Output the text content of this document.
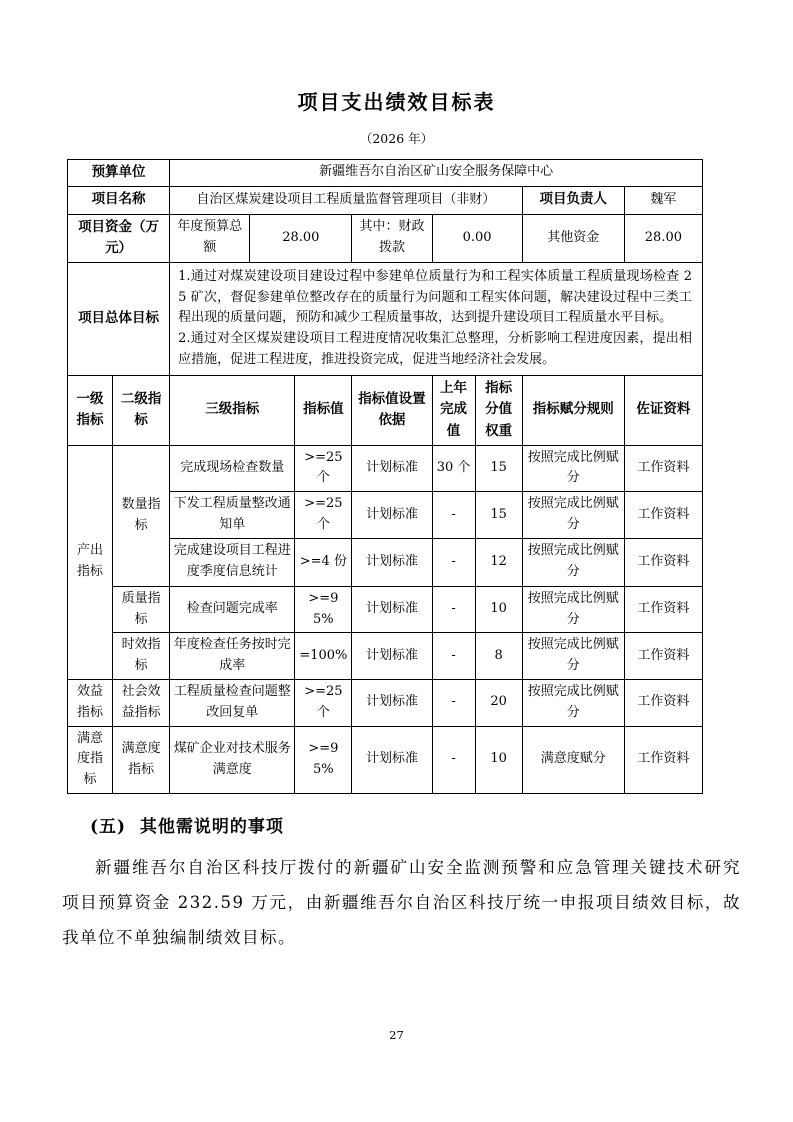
项目支出绩效目标表
（2026 年）
预算单位		新疆维吾尔自治区矿山安全服务保障中心							
项目名称		自治区煤炭建设项目工程质量监督管理项目（非财）						项目负责人	魏军
项目资金（万元）		年度预算总额	28.00		其中：财政拨款	0.00		其他资金	28.00
项目总体目标		1.通过对煤炭建设项目建设过程中参建单位质量行为和工程实体质量工程质量现场检查 25 矿次，督促参建单位整改存在的质量行为问题和工程实体问题，解决建设过程中三类工程出现的质量问题，预防和减少工程质量事故，达到提升建设项目工程质量水平目标。
2.通过对全区煤炭建设项目工程进度情况收集汇总整理，分析影响工程进度因素，提出相应措施，促进工程进度，推进投资完成，促进当地经济社会发展。							

一级指标	二级指标	三级指标		指标值	指标值设置依据	上年完成值	指标分值权重	指标赋分规则	佐证资料
产出指标	数量指标	完成现场检查数量		>=25 个	计划标准	30 个	15	按照完成比例赋分	工作资料
		下发工程质量整改通知单		>=25 个	计划标准	-	15	按照完成比例赋分	工作资料
		完成建设项目工程进度季度信息统计		>=4 份	计划标准	-	12	按照完成比例赋分	工作资料
	质量指标	检查问题完成率		>=95%	计划标准	-	10	按照完成比例赋分	工作资料
	时效指标	年度检查任务按时完成率		=100%	计划标准	-	8	按照完成比例赋分	工作资料
效益指标	社会效益指标	工程质量检查问题整改回复单		>=25 个	计划标准	-	20	按照完成比例赋分	工作资料
满意度指标	满意度指标	煤矿企业对技术服务满意度		>=95%	计划标准	-	10	满意度赋分	工作资料
(五)  其他需说明的事项

新疆维吾尔自治区科技厅拨付的新疆矿山安全监测预警和应急管理关键技术研究项目预算资金 232.59 万元，由新疆维吾尔自治区科技厅统一申报项目绩效目标，故我单位不单独编制绩效目标。

27
